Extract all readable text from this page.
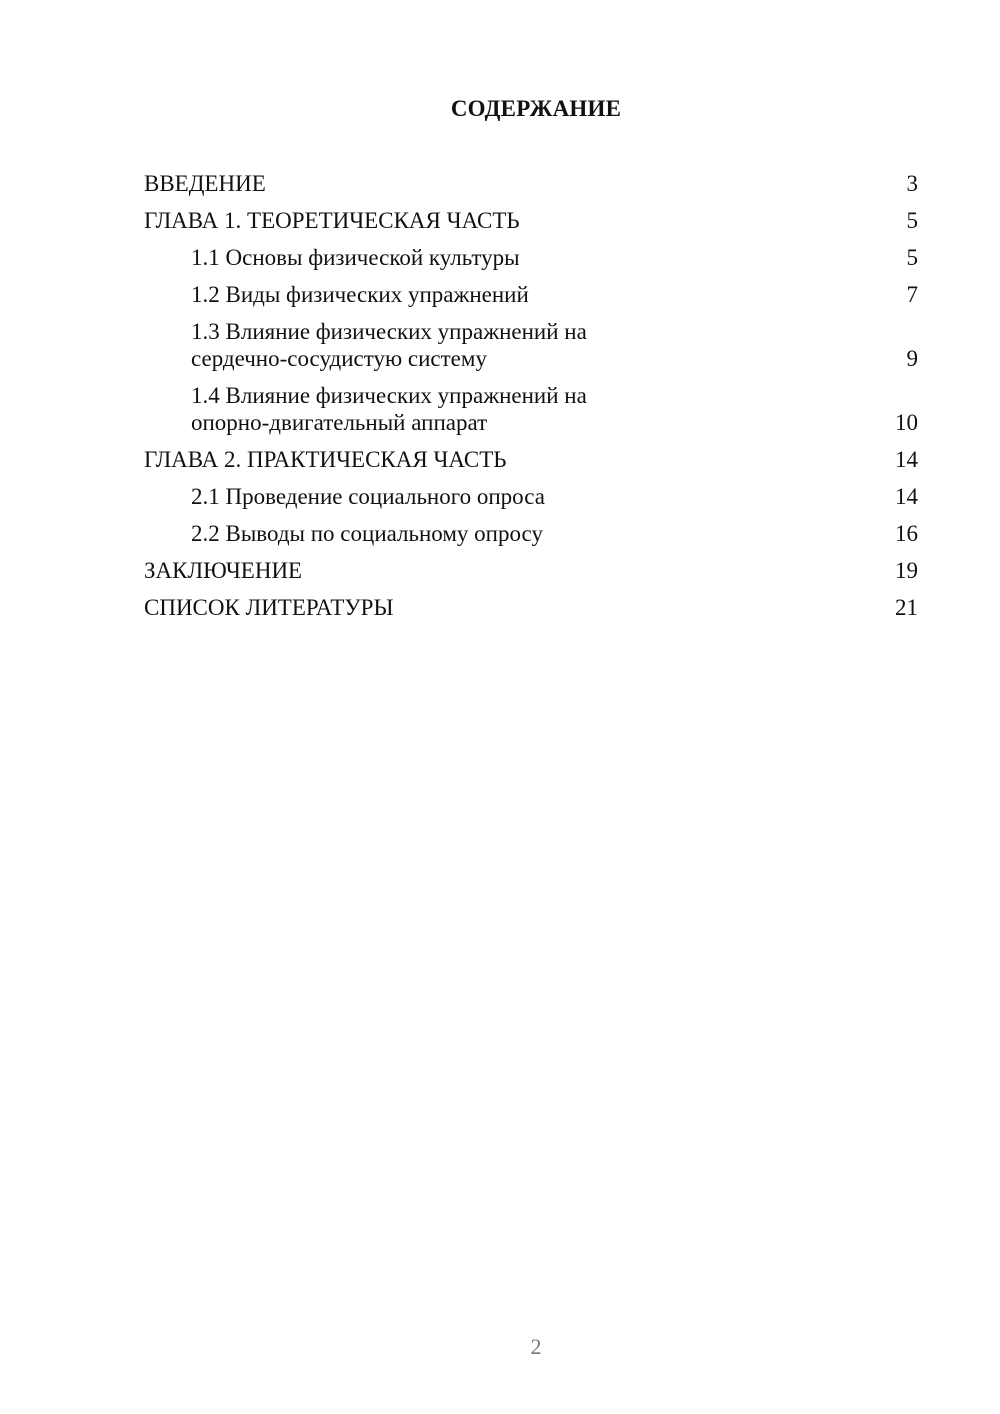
СОДЕРЖАНИЕ
ВВЕДЕНИЕ	3
ГЛАВА 1. ТЕОРЕТИЧЕСКАЯ ЧАСТЬ	5
1.1 Основы физической культуры	5
1.2 Виды физических упражнений	7
1.3 Влияние физических упражнений на сердечно-сосудистую систему	9
1.4 Влияние физических упражнений на опорно-двигательный аппарат	10
ГЛАВА 2. ПРАКТИЧЕСКАЯ ЧАСТЬ	14
2.1 Проведение социального опроса	14
2.2 Выводы по социальному опросу	16
ЗАКЛЮЧЕНИЕ	19
СПИСОК ЛИТЕРАТУРЫ	21
2
